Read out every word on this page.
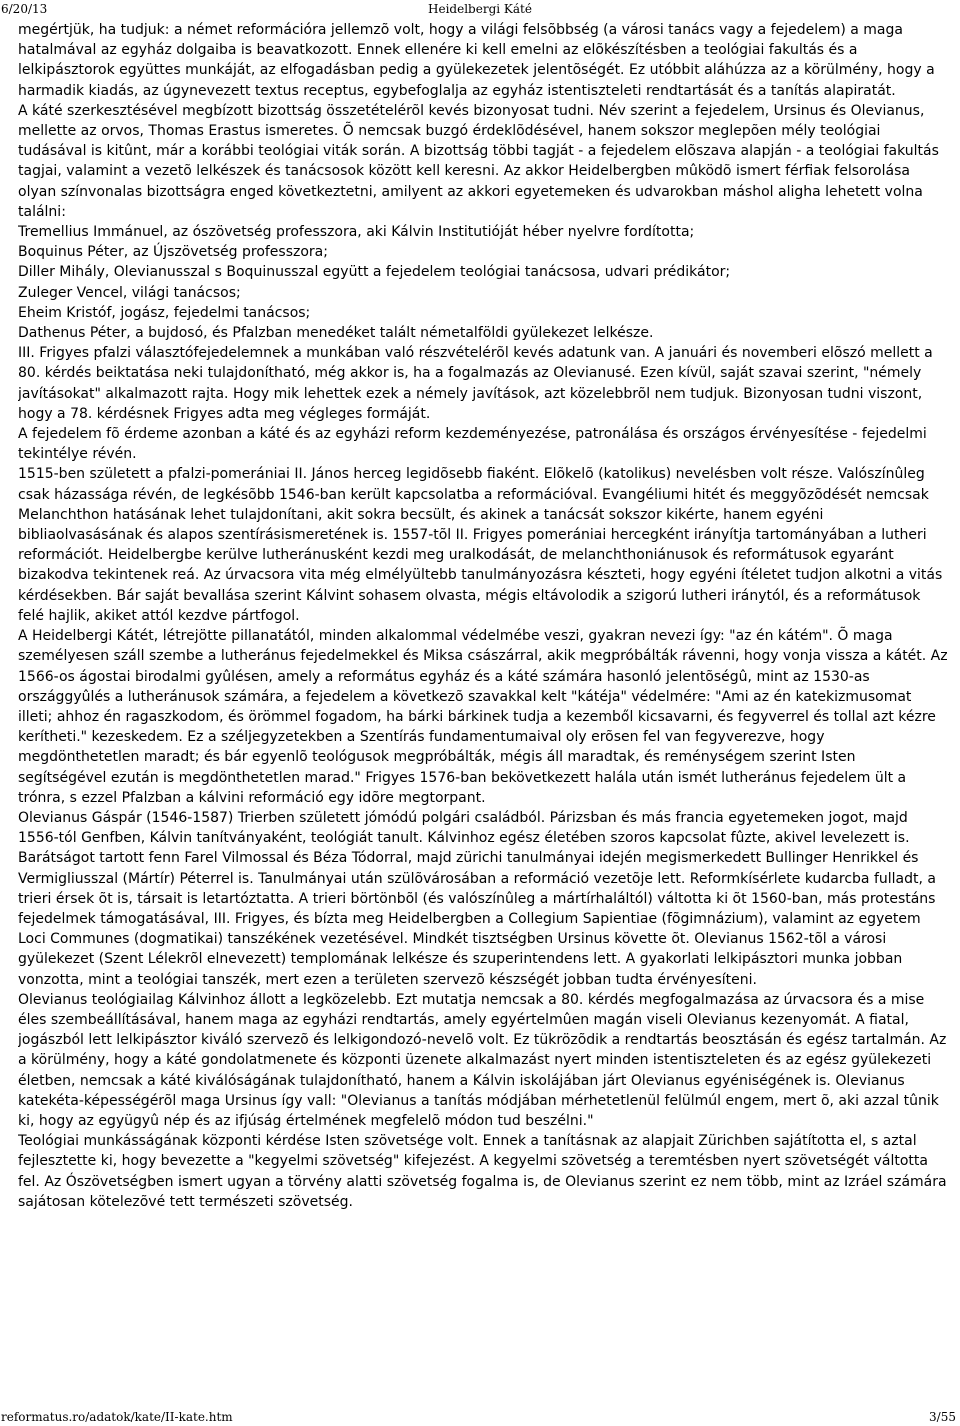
6/20/13	Heidelbergi Káté

megértjük, ha tudjuk: a német reformációra jellemzõ volt, hogy a világi felsõbbség (a városi tanács vagy a fejedelem) a maga hatalmával az egyház dolgaiba is beavatkozott. Ennek ellenére ki kell emelni az elõkészítésben a teológiai fakultás és a lelkipásztorok együttes munkáját, az elfogadásban pedig a gyülekezetek jelentõségét. Ez utóbbit aláhúzza az a körülmény, hogy a harmadik kiadás, az úgynevezett textus receptus, egybefoglalja az egyház istentiszteleti rendtartását és a tanítás alapiratát.

A káté szerkesztésével megbízott bizottság összetételérõl kevés bizonyosat tudni. Név szerint a fejedelem, Ursinus és Olevianus, mellette az orvos, Thomas Erastus ismeretes. Õ nemcsak buzgó érdeklõdésével, hanem sokszor meglepõen mély teológiai tudásával is kitûnt, már a korábbi teológiai viták során. A bizottság többi tagját - a fejedelem elõszava alapján - a teológiai fakultás tagjai, valamint a vezetõ lelkészek és tanácsosok között kell keresni. Az akkor Heidelbergben mûködõ ismert férfiak felsorolása olyan színvonalas bizottságra enged következtetni, amilyent az akkori egyetemeken és udvarokban máshol aligha lehetett volna találni:

Tremellius Immánuel, az ószövetség professzora, aki Kálvin Institutióját héber nyelvre fordította;

Boquinus Péter, az Újszövetség professzora;

Diller Mihály, Olevianusszal s Boquinusszal együtt a fejedelem teológiai tanácsosa, udvari prédikátor;

Zuleger Vencel, világi tanácsos;

Eheim Kristóf, jogász, fejedelmi tanácsos;

Dathenus Péter, a bujdosó, és Pfalzban menedéket talált németalföldi gyülekezet lelkésze.

III. Frigyes pfalzi választófejedelemnek a munkában való részvételérõl kevés adatunk van. A januári és novemberi elõszó mellett a 80. kérdés beiktatása neki tulajdonítható, még akkor is, ha a fogalmazás az Olevianusé. Ezen kívül, saját szavai szerint, "némely javításokat" alkalmazott rajta. Hogy mik lehettek ezek a némely javítások, azt közelebbrõl nem tudjuk. Bizonyosan tudni viszont, hogy a 78. kérdésnek Frigyes adta meg végleges formáját.

A fejedelem fõ érdeme azonban a káté és az egyházi reform kezdeményezése, patronálása és országos érvényesítése - fejedelmi tekintélye révén.

1515-ben született a pfalzi-pomerániai II. János herceg legidõsebb fiaként. Elõkelõ (katolikus) nevelésben volt része. Valószínûleg csak házassága révén, de legkésõbb 1546-ban került kapcsolatba a reformációval. Evangéliumi hitét és meggyõzõdését nemcsak Melanchthon hatásának lehet tulajdonítani, akit sokra becsült, és akinek a tanácsát sokszor kikérte, hanem egyéni bibliaolvasásának és alapos szentírásismeretének is. 1557-tõl II. Frigyes pomerániai hercegként irányítja tartományában a lutheri reformációt. Heidelbergbe kerülve lutheránusként kezdi meg uralkodását, de melanchthoniánusok és reformátusok egyaránt bizakodva tekintenek reá. Az úrvacsora vita még elmélyültebb tanulmányozásra készteti, hogy egyéni ítéletet tudjon alkotni a vitás kérdésekben. Bár saját bevallása szerint Kálvint sohasem olvasta, mégis eltávolodik a szigorú lutheri iránytól, és a reformátusok felé hajlik, akiket attól kezdve pártfogol.

A Heidelbergi Kátét, létrejötte pillanatától, minden alkalommal védelmébe veszi, gyakran nevezi így: "az én kátém". Õ maga személyesen száll szembe a lutheránus fejedelmekkel és Miksa császárral, akik megpróbálták rávenni, hogy vonja vissza a kátét. Az 1566-os ágostai birodalmi gyûlésen, amely a református egyház és a káté számára hasonló jelentõségû, mint az 1530-as országgyûlés a lutheránusok számára, a fejedelem a következõ szavakkal kelt "kátéja" védelmére: "Ami az én katekizmusomat illeti; ahhoz én ragaszkodom, és örömmel fogadom, ha bárki bárkinek tudja a kezemből kicsavarni, és fegyverrel és tollal azt kézre kerítheti." kezeskedem. Ez a széljegyzetekben a Szentírás fundamentumaival oly erõsen fel van fegyverezve, hogy megdönthetetlen maradt; és bár egyenlõ teológusok megpróbálták, mégis áll maradtak, és reménységem szerint Isten segítségével ezután is megdönthetetlen marad." Frigyes 1576-ban bekövetkezett halála után ismét lutheránus fejedelem ült a trónra, s ezzel Pfalzban a kálvini reformáció egy idõre megtorpant.

Olevianus Gáspár (1546-1587) Trierben született jómódú polgári családból. Párizsban és más francia egyetemeken jogot, majd 1556-tól Genfben, Kálvin tanítványaként, teológiát tanult. Kálvinhoz egész életében szoros kapcsolat fûzte, akivel levelezett is. Barátságot tartott fenn Farel Vilmossal és Béza Tódorral, majd zürichi tanulmányai idején megismerkedett Bullinger Henrikkel és Vermigliusszal (Mártír) Péterrel is. Tanulmányai után szülõvárosában a reformáció vezetõje lett. Reformkísérlete kudarcba fulladt, a trieri érsek õt is, társait is letartóztatta. A trieri börtönbõl (és valószínûleg a mártírhaláltól) váltotta ki õt 1560-ban, más protestáns fejedelmek támogatásával, III. Frigyes, és bízta meg Heidelbergben a Collegium Sapientiae (fõgimnázium), valamint az egyetem Loci Communes (dogmatikai) tanszékének vezetésével. Mindkét tisztségben Ursinus követte õt. Olevianus 1562-tõl a városi gyülekezet (Szent Lélekrõl elnevezett) templomának lelkésze és szuperintendens lett. A gyakorlati lelkipásztori munka jobban vonzotta, mint a teológiai tanszék, mert ezen a területen szervezõ készségét jobban tudta érvényesíteni.

Olevianus teológiailag Kálvinhoz állott a legközelebb. Ezt mutatja nemcsak a 80. kérdés megfogalmazása az úrvacsora és a mise éles szembeállításával, hanem maga az egyházi rendtartás, amely egyértelmûen magán viseli Olevianus kezenyomát. A fiatal, jogászból lett lelkipásztor kiváló szervezõ és lelkigondozó-nevelõ volt. Ez tükrözõdik a rendtartás beosztásán és egész tartalmán. Az a körülmény, hogy a káté gondolatmenete és központi üzenete alkalmazást nyert minden istentiszteleten és az egész gyülekezeti életben, nemcsak a káté kiválóságának tulajdonítható, hanem a Kálvin iskolájában járt Olevianus egyéniségének is. Olevianus katekéta-képességérõl maga Ursinus így vall: "Olevianus a tanítás módjában mérhetetlenül felülmúl engem, mert õ, aki azzal tûnik ki, hogy az együgyû nép és az ifjúság értelmének megfelelõ módon tud beszélni."

Teológiai munkásságának központi kérdése Isten szövetsége volt. Ennek a tanításnak az alapjait Zürichben sajátította el, s aztal fejlesztette ki, hogy bevezette a "kegyelmi szövetség" kifejezést. A kegyelmi szövetség a teremtésben nyert szövetségét váltotta fel. Az Ószövetségben ismert ugyan a törvény alatti szövetség fogalma is, de Olevianus szerint ez nem több, mint az Izráel számára sajátosan kötelezõvé tett természeti szövetség.

reformatus.ro/adatok/kate/II-kate.htm	3/55
